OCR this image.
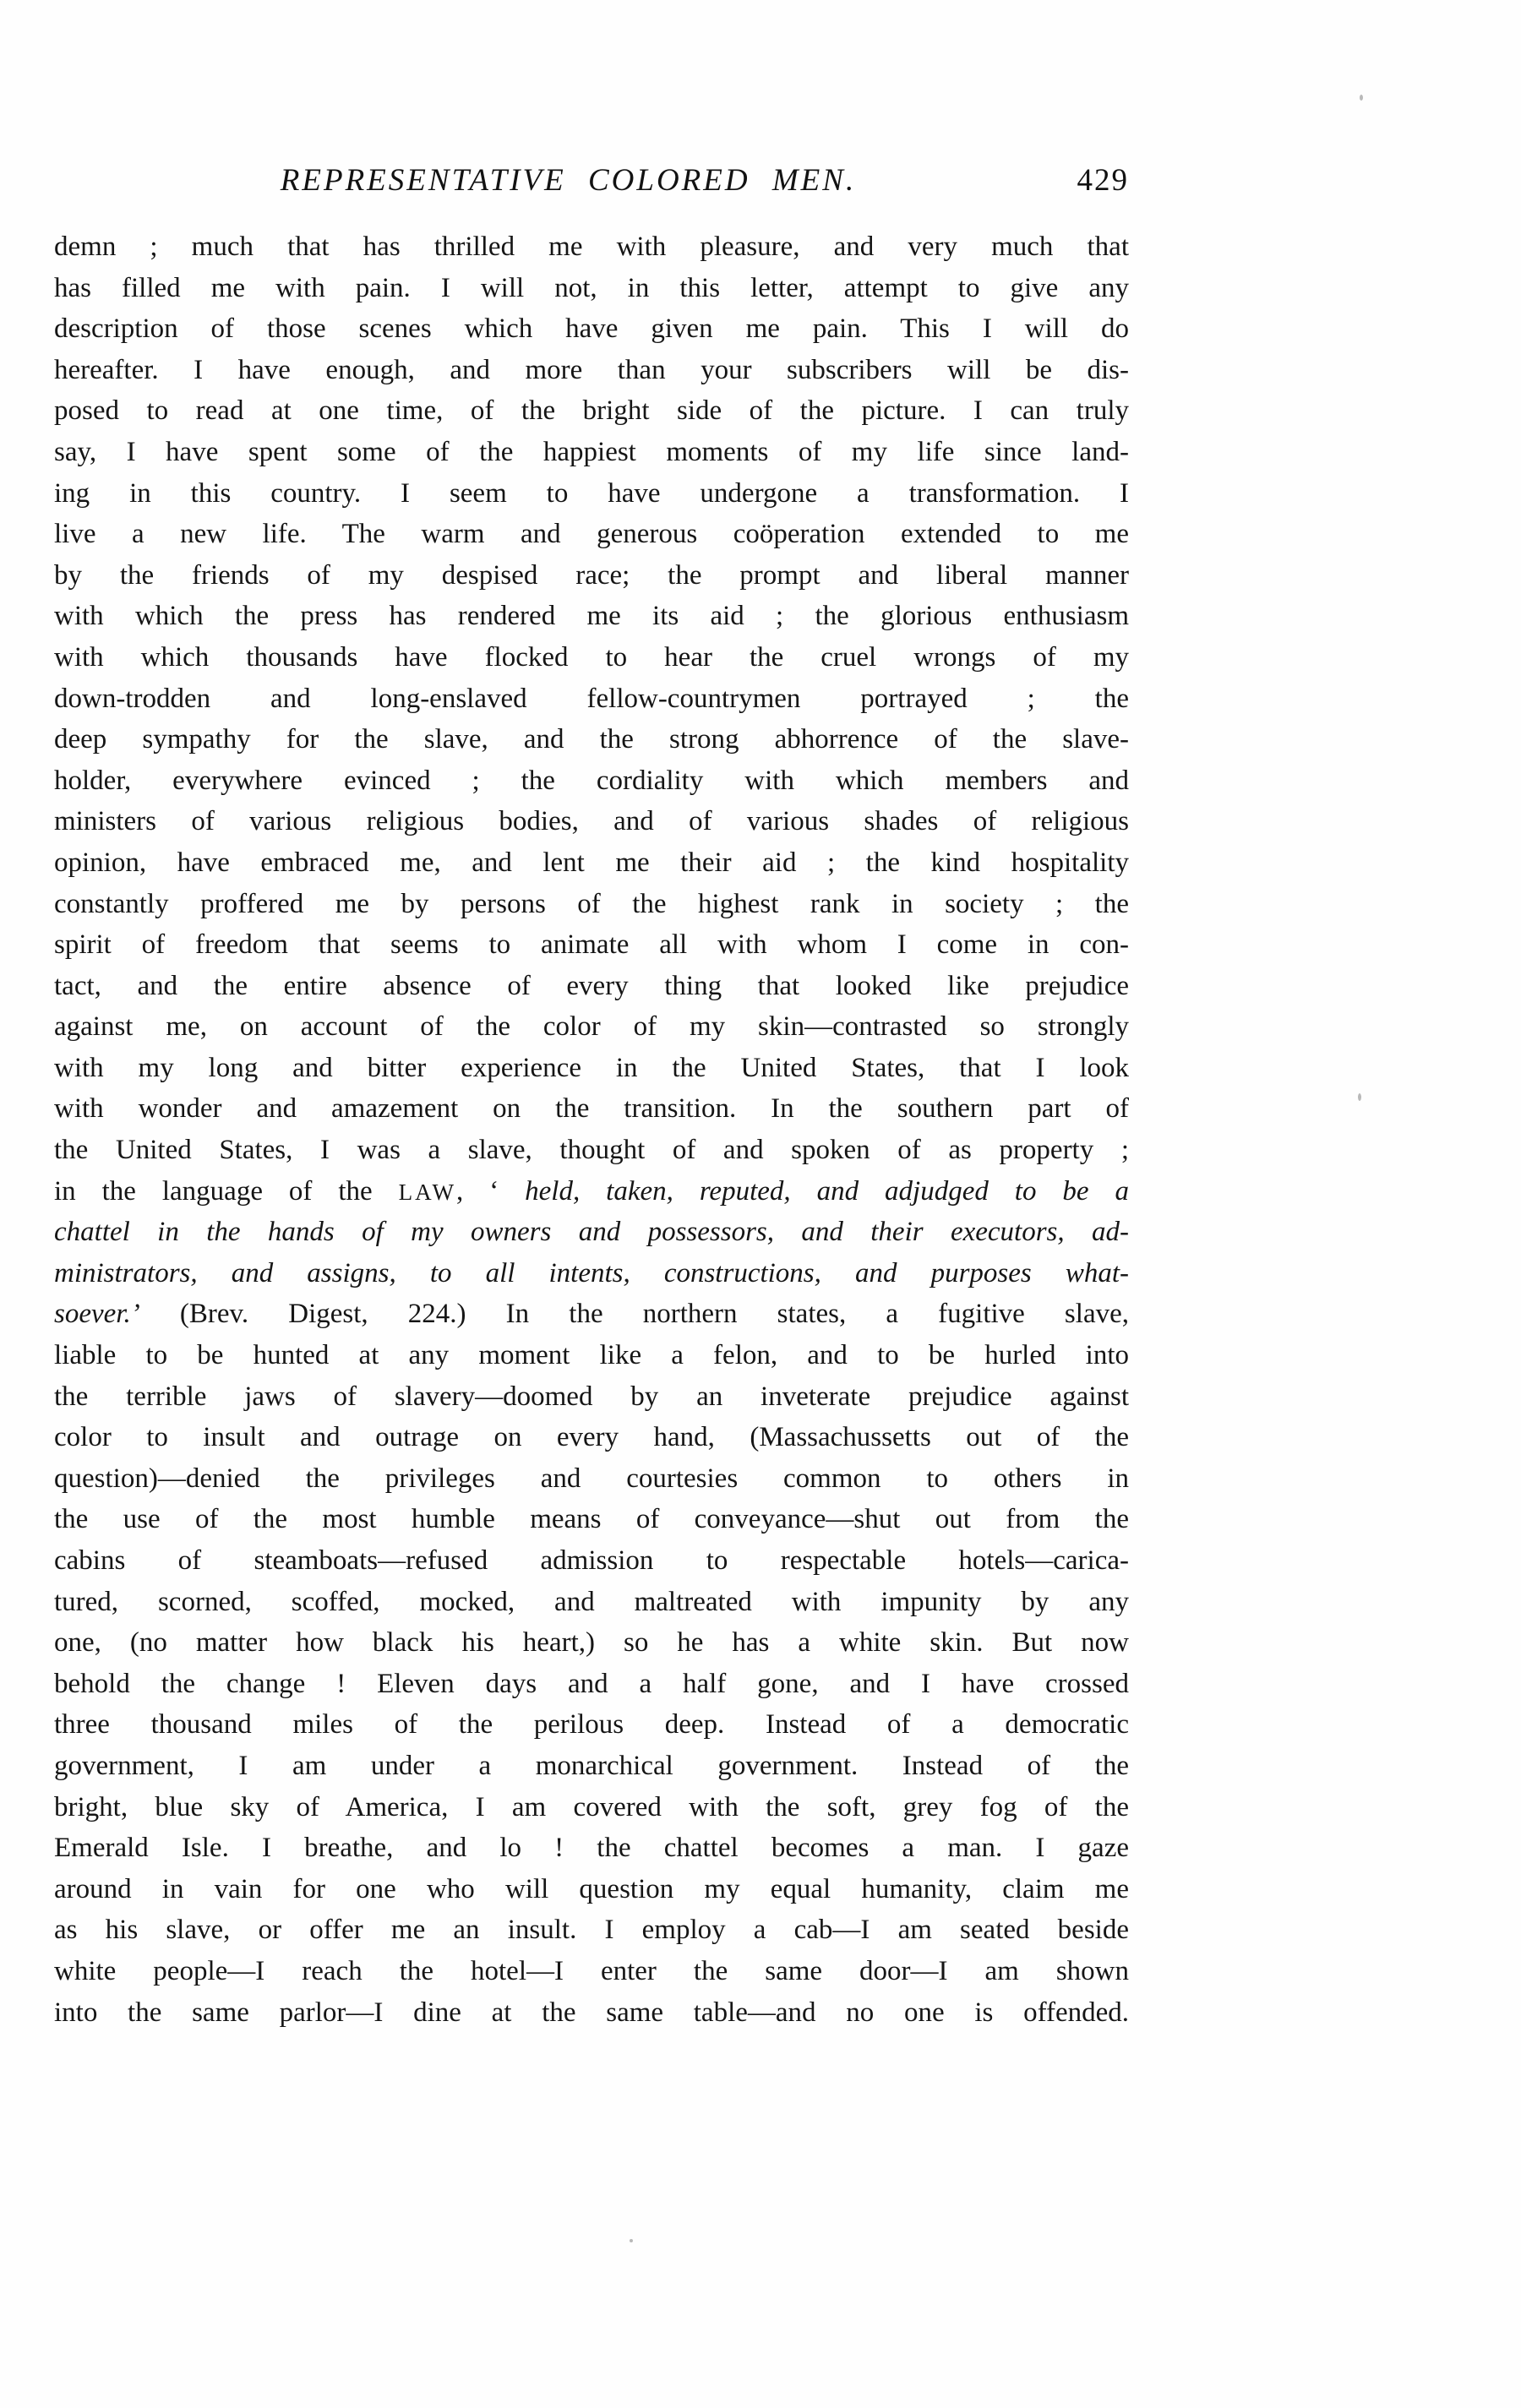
REPRESENTATIVE COLORED MEN.	429
demn ; much that has thrilled me with pleasure, and very much that
has filled me with pain. I will not, in this letter, attempt to give any
description of those scenes which have given me pain. This I will do
hereafter. I have enough, and more than your subscribers will be dis-
posed to read at one time, of the bright side of the picture. I can truly
say, I have spent some of the happiest moments of my life since land-
ing in this country. I seem to have undergone a transformation. I
live a new life. The warm and generous coöperation extended to me
by the friends of my despised race; the prompt and liberal manner
with which the press has rendered me its aid ; the glorious enthusiasm
with which thousands have flocked to hear the cruel wrongs of my
down-trodden and long-enslaved fellow-countrymen portrayed ; the
deep sympathy for the slave, and the strong abhorrence of the slave-
holder, everywhere evinced ; the cordiality with which members and
ministers of various religious bodies, and of various shades of religious
opinion, have embraced me, and lent me their aid ; the kind hospitality
constantly proffered me by persons of the highest rank in society ; the
spirit of freedom that seems to animate all with whom I come in con-
tact, and the entire absence of every thing that looked like prejudice
against me, on account of the color of my skin—contrasted so strongly
with my long and bitter experience in the United States, that I look
with wonder and amazement on the transition. In the southern part of
the United States, I was a slave, thought of and spoken of as property ;
in the language of the LAW, ‘ held, taken, reputed, and adjudged to be a
chattel in the hands of my owners and possessors, and their executors, ad-
ministrators, and assigns, to all intents, constructions, and purposes what-
soever.’ (Brev. Digest, 224.) In the northern states, a fugitive slave,
liable to be hunted at any moment like a felon, and to be hurled into
the terrible jaws of slavery—doomed by an inveterate prejudice against
color to insult and outrage on every hand, (Massachussetts out of the
question)—denied the privileges and courtesies common to others in
the use of the most humble means of conveyance—shut out from the
cabins of steamboats—refused admission to respectable hotels—carica-
tured, scorned, scoffed, mocked, and maltreated with impunity by any
one, (no matter how black his heart,) so he has a white skin. But now
behold the change ! Eleven days and a half gone, and I have crossed
three thousand miles of the perilous deep. Instead of a democratic
government, I am under a monarchical government. Instead of the
bright, blue sky of America, I am covered with the soft, grey fog of the
Emerald Isle. I breathe, and lo ! the chattel becomes a man. I gaze
around in vain for one who will question my equal humanity, claim me
as his slave, or offer me an insult. I employ a cab—I am seated beside
white people—I reach the hotel—I enter the same door—I am shown
into the same parlor—I dine at the same table—and no one is offended.
